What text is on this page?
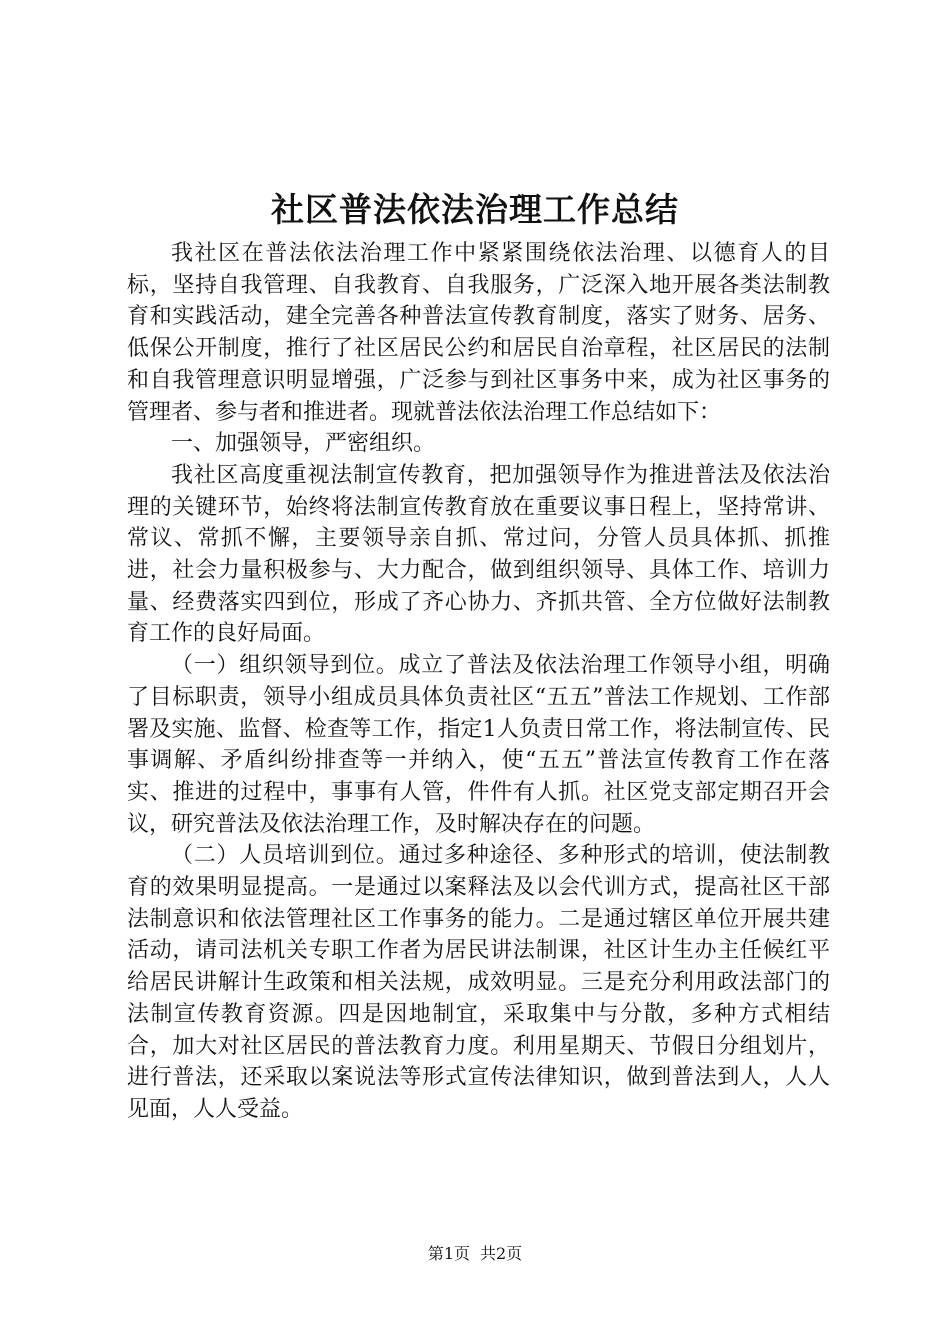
社区普法依法治理工作总结

我社区在普法依法治理工作中紧紧围绕依法治理、以德育人的目标，坚持自我管理、自我教育、自我服务，广泛深入地开展各类法制教育和实践活动，建全完善各种普法宣传教育制度，落实了财务、居务、低保公开制度，推行了社区居民公约和居民自治章程，社区居民的法制和自我管理意识明显增强，广泛参与到社区事务中来，成为社区事务的管理者、参与者和推进者。现就普法依法治理工作总结如下：

一、加强领导，严密组织。

我社区高度重视法制宣传教育，把加强领导作为推进普法及依法治理的关键环节，始终将法制宣传教育放在重要议事日程上，坚持常讲、常议、常抓不懈，主要领导亲自抓、常过问，分管人员具体抓、抓推进，社会力量积极参与、大力配合，做到组织领导、具体工作、培训力量、经费落实四到位，形成了齐心协力、齐抓共管、全方位做好法制教育工作的良好局面。

（一）组织领导到位。成立了普法及依法治理工作领导小组，明确了目标职责，领导小组成员具体负责社区“五五”普法工作规划、工作部署及实施、监督、检查等工作，指定1人负责日常工作，将法制宣传、民事调解、矛盾纠纷排查等一并纳入，使“五五”普法宣传教育工作在落实、推进的过程中，事事有人管，件件有人抓。社区党支部定期召开会议，研究普法及依法治理工作，及时解决存在的问题。

（二）人员培训到位。通过多种途径、多种形式的培训，使法制教育的效果明显提高。一是通过以案释法及以会代训方式，提高社区干部法制意识和依法管理社区工作事务的能力。二是通过辖区单位开展共建活动，请司法机关专职工作者为居民讲法制课，社区计生办主任候红平给居民讲解计生政策和相关法规，成效明显。三是充分利用政法部门的法制宣传教育资源。四是因地制宜，采取集中与分散，多种方式相结合，加大对社区居民的普法教育力度。利用星期天、节假日分组划片，进行普法，还采取以案说法等形式宣传法律知识，做到普法到人，人人见面，人人受益。

第1页 共2页
